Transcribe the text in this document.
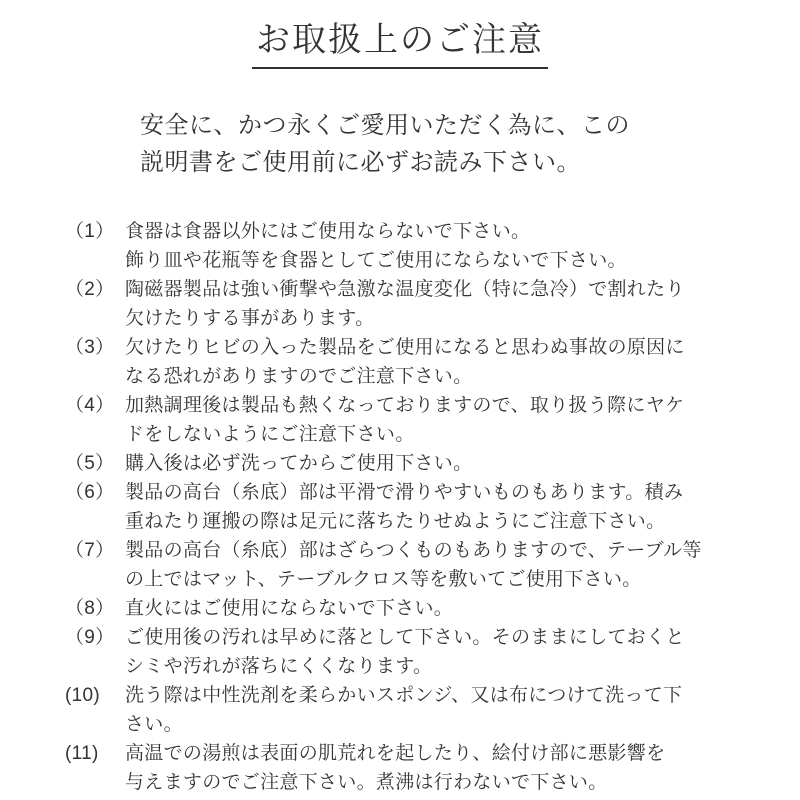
お取扱上のご注意
安全に、かつ永くご愛用いただく為に、この
説明書をご使用前に必ずお読み下さい。
（1） 食器は食器以外にはご使用ならないで下さい。
飾り皿や花瓶等を食器としてご使用にならないで下さい。
（2） 陶磁器製品は強い衝撃や急激な温度変化（特に急冷）で割れたり
欠けたりする事があります。
（3） 欠けたりヒビの入った製品をご使用になると思わぬ事故の原因に
なる恐れがありますのでご注意下さい。
（4） 加熱調理後は製品も熱くなっておりますので、取り扱う際にヤケ
ドをしないようにご注意下さい。
（5） 購入後は必ず洗ってからご使用下さい。
（6） 製品の高台（糸底）部は平滑で滑りやすいものもあります。積み
重ねたり運搬の際は足元に落ちたりせぬようにご注意下さい。
（7） 製品の高台（糸底）部はざらつくものもありますので、テーブル等
の上ではマット、テーブルクロス等を敷いてご使用下さい。
（8） 直火にはご使用にならないで下さい。
（9） ご使用後の汚れは早めに落として下さい。そのままにしておくと
シミや汚れが落ちにくくなります。
(10)	洗う際は中性洗剤を柔らかいスポンジ、又は布につけて洗って下
さい。
(11)	高温での湯煎は表面の肌荒れを起したり、絵付け部に悪影響を
与えますのでご注意下さい。煮沸は行わないで下さい。
